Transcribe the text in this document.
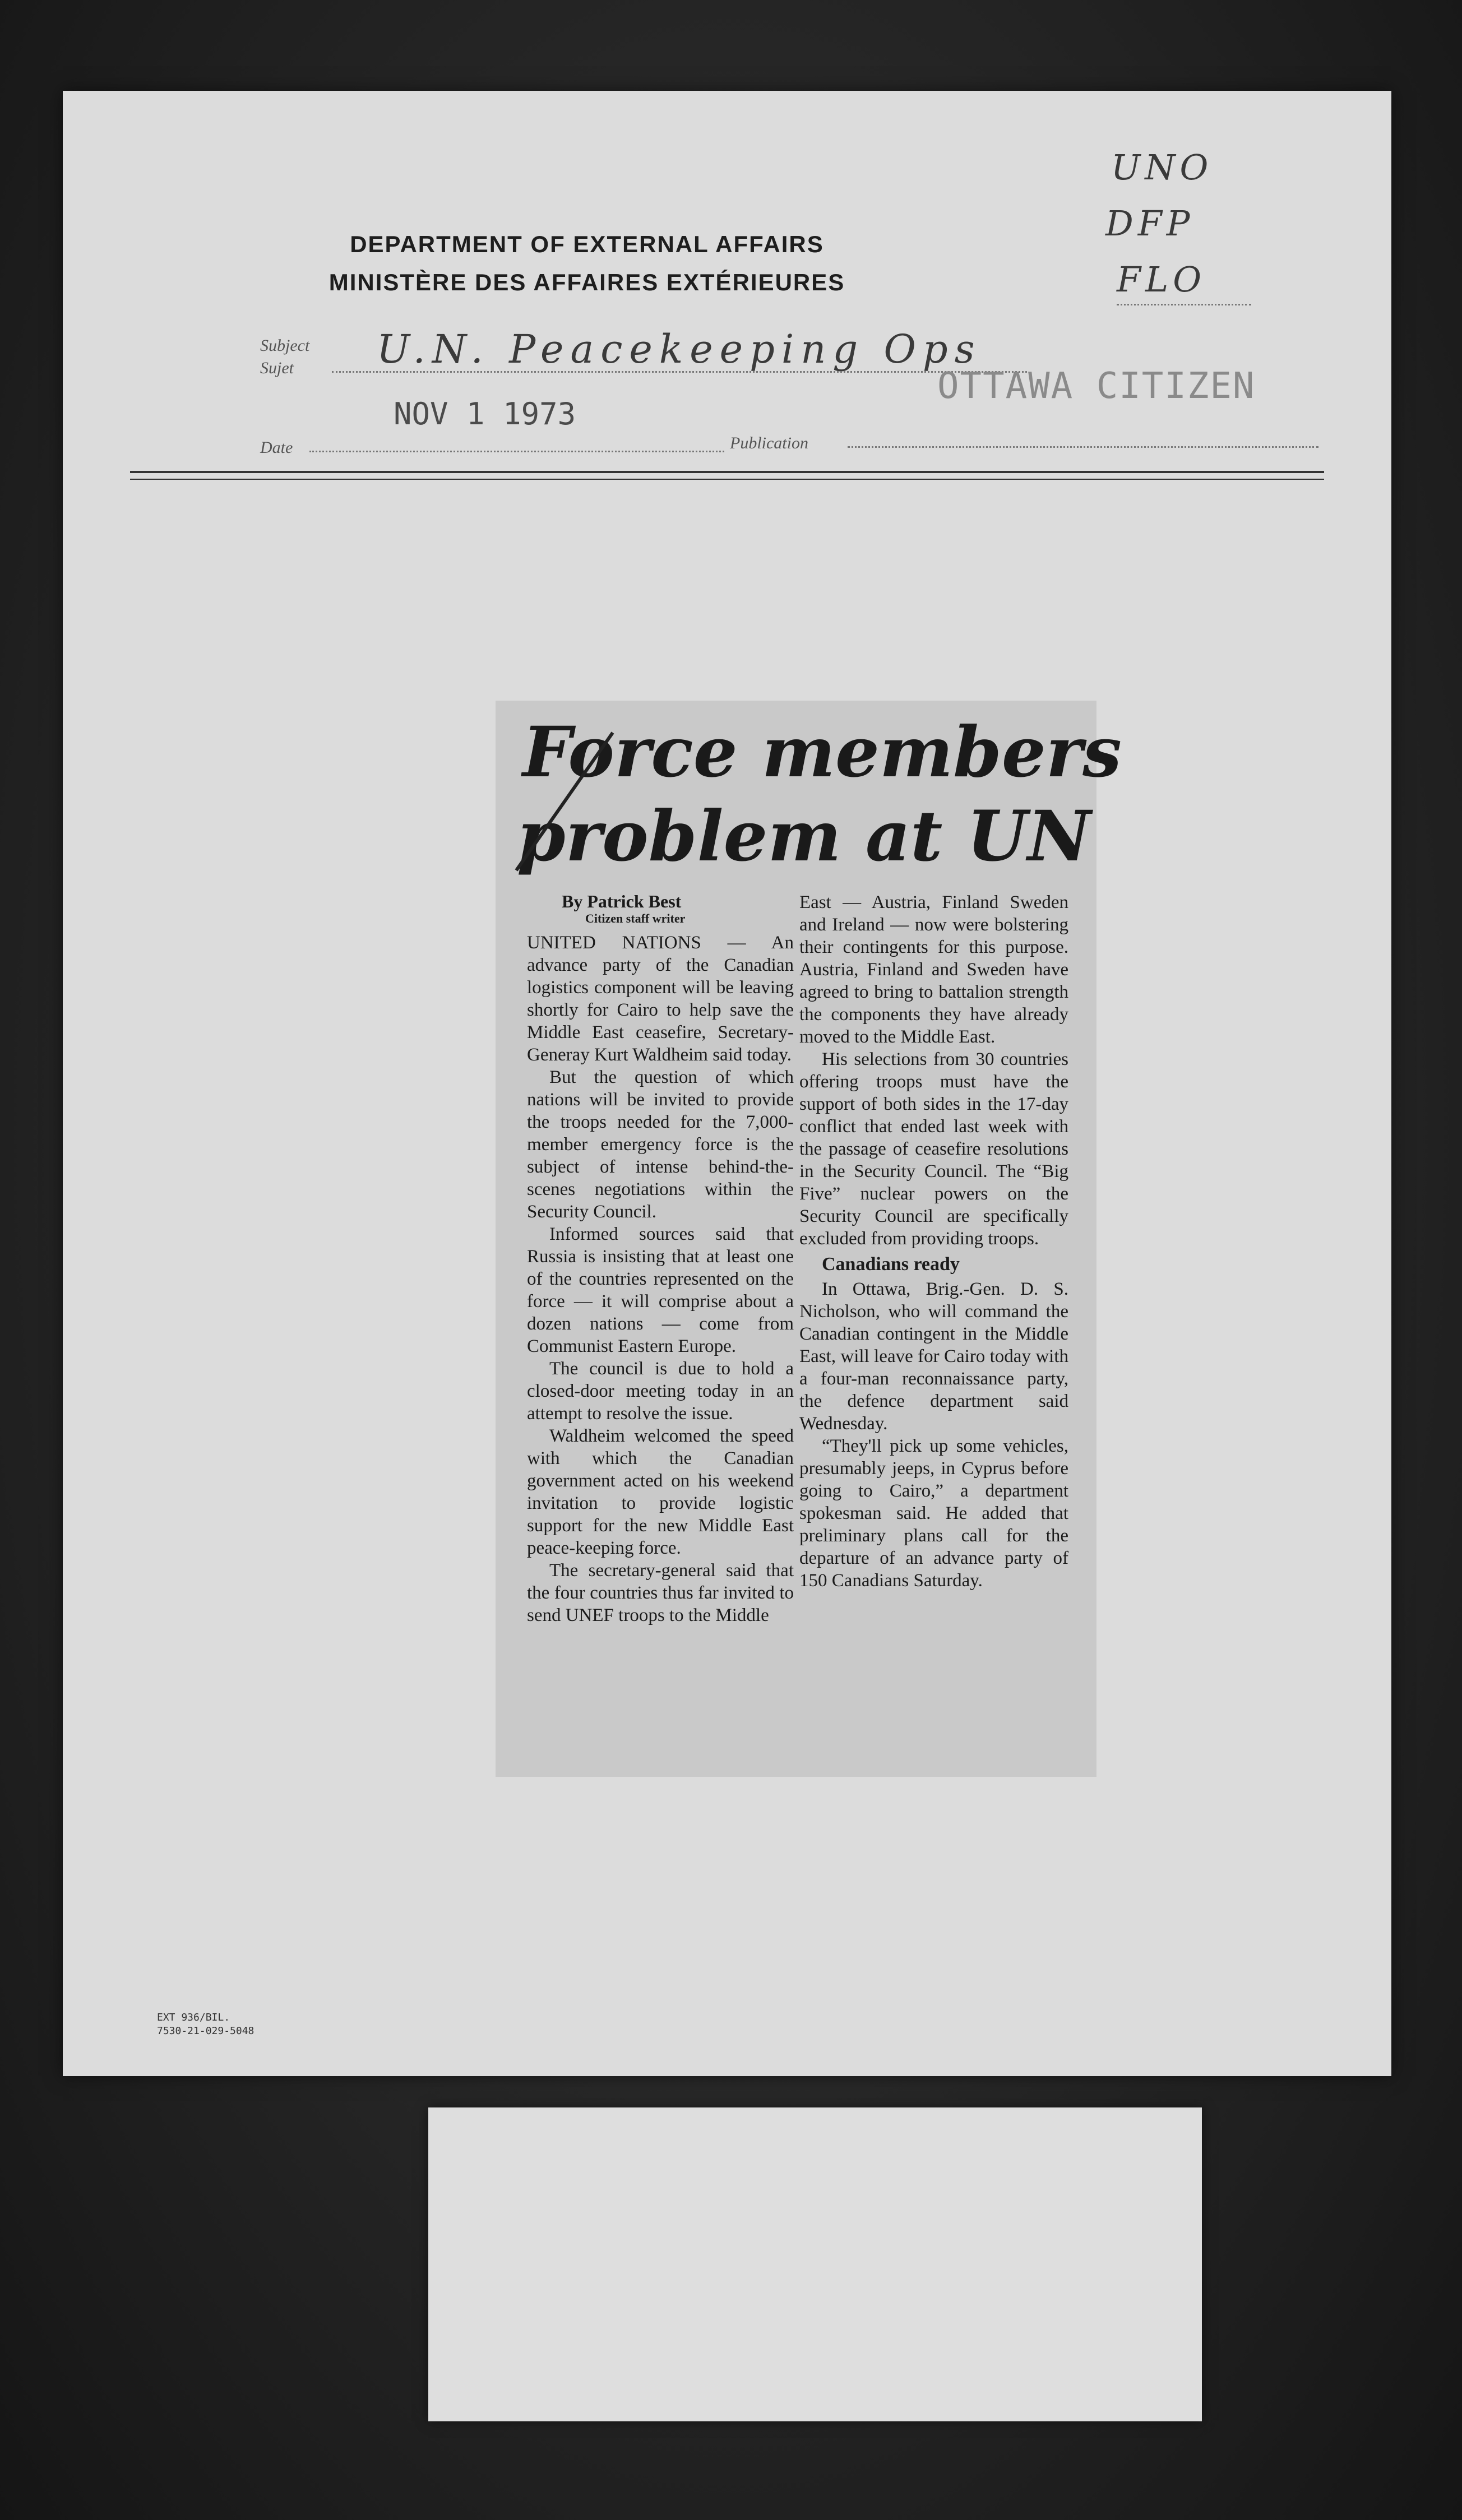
DEPARTMENT OF EXTERNAL AFFAIRS
MINISTÈRE DES AFFAIRES EXTÉRIEURES
UNO
DFP
FLO
Subject
Sujet U.N. Peacekeeping Ops
NOV 1 1973
OTTAWA CITIZEN
Date	Publication
Force members
problem at UN
By Patrick Best
Citizen staff writer

UNITED NATIONS — An advance party of the Canadian logistics component will be leaving shortly for Cairo to help save the Middle East ceasefire, Secretary-Generay Kurt Waldheim said today.

But the question of which nations will be invited to provide the troops needed for the 7,000-member emergency force is the subject of intense behind-the-scenes negotiations within the Security Council.

Informed sources said that Russia is insisting that at least one of the countries represented on the force — it will comprise about a dozen nations — come from Communist Eastern Europe.

The council is due to hold a closed-door meeting today in an attempt to resolve the issue.

Waldheim welcomed the speed with which the Canadian government acted on his weekend invitation to provide logistic support for the new Middle East peace-keeping force.

The secretary-general said that the four countries thus far invited to send UNEF troops to the Middle

East — Austria, Finland Sweden and Ireland — now were bolstering their contingents for this purpose. Austria, Finland and Sweden have agreed to bring to battalion strength the components they have already moved to the Middle East.

His selections from 30 countries offering troops must have the support of both sides in the 17-day conflict that ended last week with the passage of ceasefire resolutions in the Security Council. The “Big Five” nuclear powers on the Security Council are specifically excluded from providing troops.

Canadians ready

In Ottawa, Brig.-Gen. D. S. Nicholson, who will command the Canadian contingent in the Middle East, will leave for Cairo today with a four-man reconnaissance party, the defence department said Wednesday.

“They'll pick up some vehicles, presumably jeeps, in Cyprus before going to Cairo,” a department spokesman said. He added that preliminary plans call for the departure of an advance party of 150 Canadians Saturday.

EXT 936/BIL.
7530-21-029-5048
